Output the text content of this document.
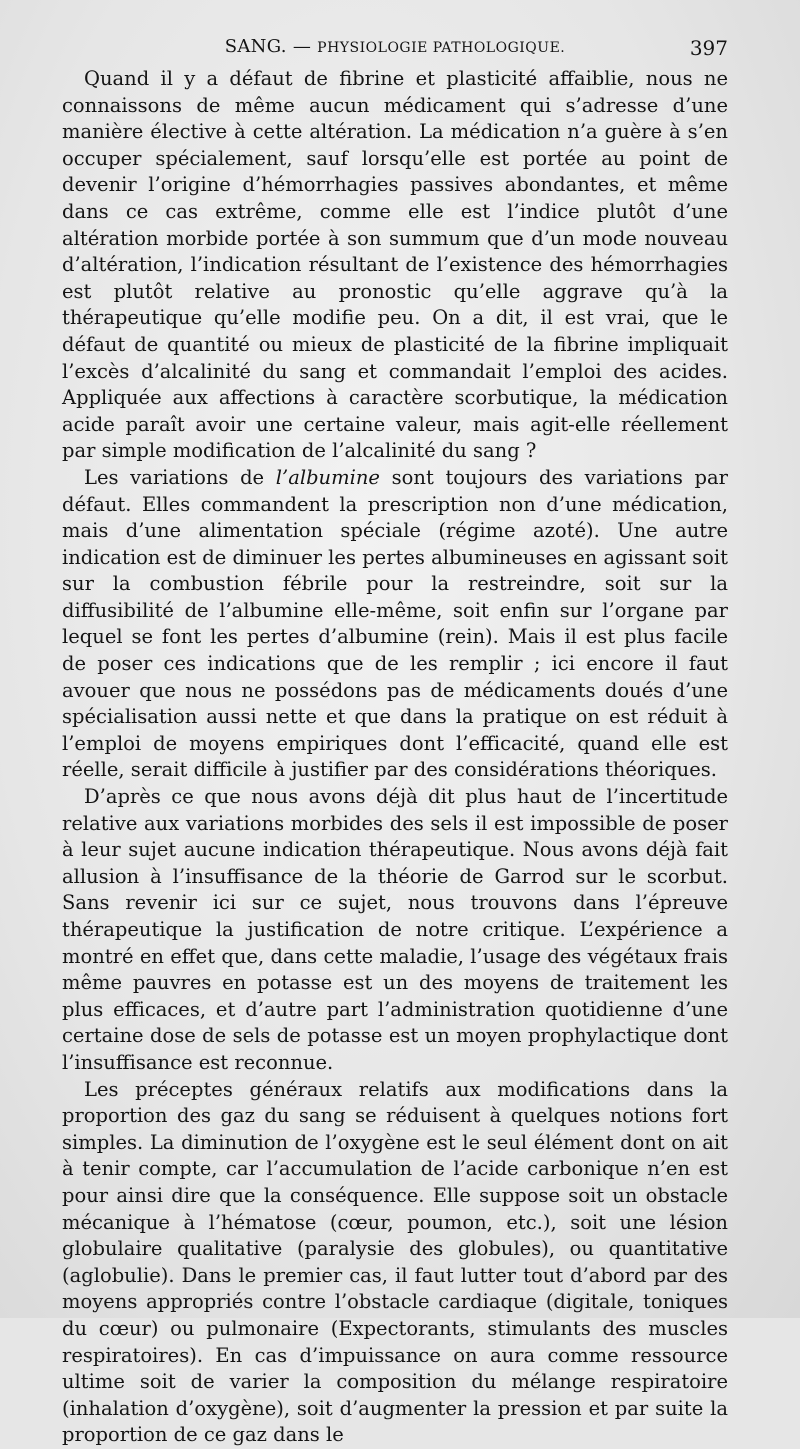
SANG. — PHYSIOLOGIE PATHOLOGIQUE.	397

Quand il y a défaut de fibrine et plasticité affaiblie, nous ne connaissons de même aucun médicament qui s’adresse d’une manière élective à cette altération. La médication n’a guère à s’en occuper spécialement, sauf lorsqu’elle est portée au point de devenir l’origine d’hémorrhagies passives abondantes, et même dans ce cas extrême, comme elle est l’indice plutôt d’une altération morbide portée à son summum que d’un mode nouveau d’altération, l’indication résultant de l’existence des hémorrhagies est plutôt relative au pronostic qu’elle aggrave qu’à la thérapeutique qu’elle modifie peu. On a dit, il est vrai, que le défaut de quantité ou mieux de plasticité de la fibrine impliquait l’excès d’alcalinité du sang et commandait l’emploi des acides. Appliquée aux affections à caractère scorbutique, la médication acide paraît avoir une certaine valeur, mais agit-elle réellement par simple modification de l’alcalinité du sang ?

Les variations de l’albumine sont toujours des variations par défaut. Elles commandent la prescription non d’une médication, mais d’une alimentation spéciale (régime azoté). Une autre indication est de diminuer les pertes albumineuses en agissant soit sur la combustion fébrile pour la restreindre, soit sur la diffusibilité de l’albumine elle-même, soit enfin sur l’organe par lequel se font les pertes d’albumine (rein). Mais il est plus facile de poser ces indications que de les remplir ; ici encore il faut avouer que nous ne possédons pas de médicaments doués d’une spécialisation aussi nette et que dans la pratique on est réduit à l’emploi de moyens empiriques dont l’efficacité, quand elle est réelle, serait difficile à justifier par des considérations théoriques.

D’après ce que nous avons déjà dit plus haut de l’incertitude relative aux variations morbides des sels il est impossible de poser à leur sujet aucune indication thérapeutique. Nous avons déjà fait allusion à l’insuffisance de la théorie de Garrod sur le scorbut. Sans revenir ici sur ce sujet, nous trouvons dans l’épreuve thérapeutique la justification de notre critique. L’expérience a montré en effet que, dans cette maladie, l’usage des végétaux frais même pauvres en potasse est un des moyens de traitement les plus efficaces, et d’autre part l’administration quotidienne d’une certaine dose de sels de potasse est un moyen prophylactique dont l’insuffisance est reconnue.

Les préceptes généraux relatifs aux modifications dans la proportion des gaz du sang se réduisent à quelques notions fort simples. La diminution de l’oxygène est le seul élément dont on ait à tenir compte, car l’accumulation de l’acide carbonique n’en est pour ainsi dire que la conséquence. Elle suppose soit un obstacle mécanique à l’hématose (cœur, poumon, etc.), soit une lésion globulaire qualitative (paralysie des globules), ou quantitative (aglobulie). Dans le premier cas, il faut lutter tout d’abord par des moyens appropriés contre l’obstacle cardiaque (digitale, toniques du cœur) ou pulmonaire (Expectorants, stimulants des muscles respiratoires). En cas d’impuissance on aura comme ressource ultime soit de varier la composition du mélange respiratoire (inhalation d’oxygène), soit d’augmenter la pression et par suite la proportion de ce gaz dans le
